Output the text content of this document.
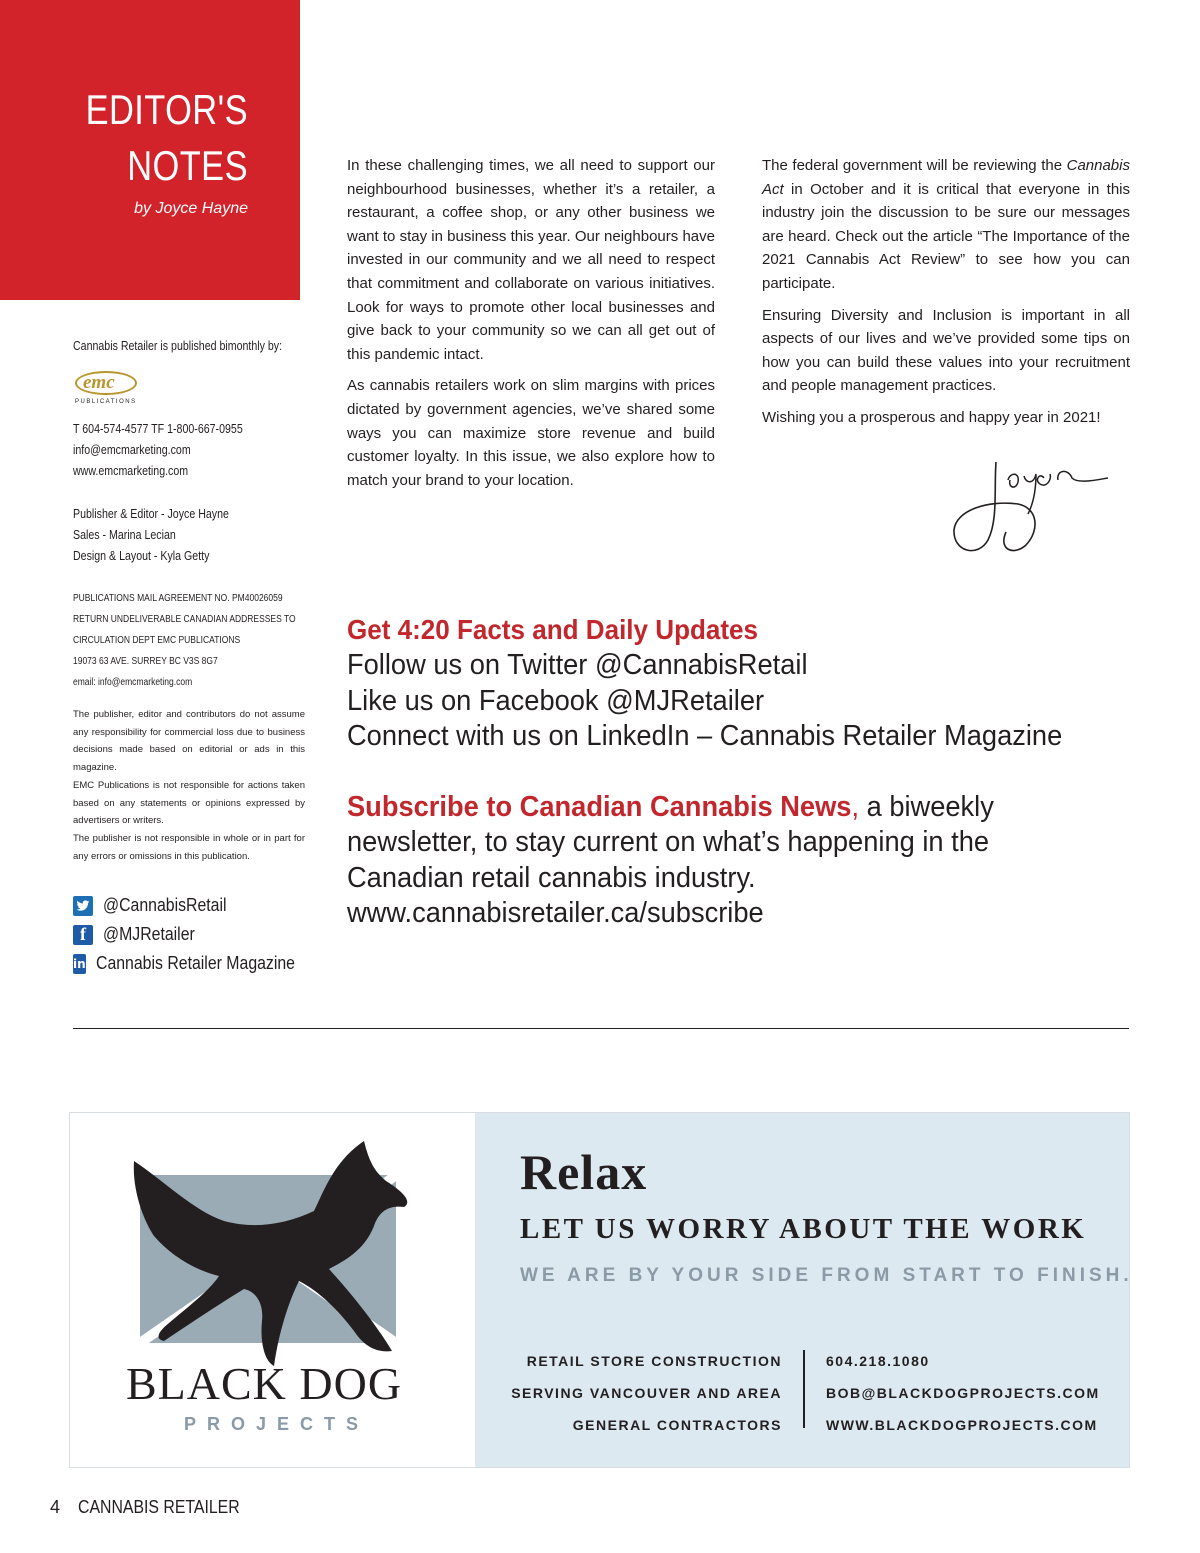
EDITOR'S
NOTES
by Joyce Hayne
Cannabis Retailer is published bimonthly by:
emc
PUBLICATIONS
T 604-574-4577 TF 1-800-667-0955
info@emcmarketing.com
www.emcmarketing.com
Publisher & Editor - Joyce Hayne
Sales - Marina Lecian
Design & Layout - Kyla Getty
PUBLICATIONS MAIL AGREEMENT NO. PM40026059
RETURN UNDELIVERABLE CANADIAN ADDRESSES TO
CIRCULATION DEPT EMC PUBLICATIONS
19073 63 AVE. SURREY BC V3S 8G7
email: info@emcmarketing.com
The publisher, editor and contributors do not assume any responsibility for commercial loss due to business decisions made based on editorial or ads in this magazine.
EMC Publications is not responsible for actions taken based on any statements or opinions expressed by advertisers or writers.
The publisher is not responsible in whole or in part for any errors or omissions in this publication.
@CannabisRetail
f @MJRetailer
in Cannabis Retailer Magazine

In these challenging times, we all need to support our neighbourhood businesses, whether it’s a retailer, a restaurant, a coffee shop, or any other business we want to stay in business this year. Our neighbours have invested in our community and we all need to respect that commitment and collaborate on various initiatives. Look for ways to promote other local businesses and give back to your community so we can all get out of this pandemic intact.

As cannabis retailers work on slim margins with prices dictated by government agencies, we’ve shared some ways you can maximize store revenue and build customer loyalty. In this issue, we also explore how to match your brand to your location.

The federal government will be reviewing the Cannabis Act in October and it is critical that everyone in this industry join the discussion to be sure our messages are heard. Check out the article “The Importance of the 2021 Cannabis Act Review” to see how you can participate.

Ensuring Diversity and Inclusion is important in all aspects of our lives and we’ve provided some tips on how you can build these values into your recruitment and people management practices.

Wishing you a prosperous and happy year in 2021!

Get 4:20 Facts and Daily Updates
Follow us on Twitter @CannabisRetail
Like us on Facebook @MJRetailer
Connect with us on LinkedIn – Cannabis Retailer Magazine
Subscribe to Canadian Cannabis News, a biweekly
newsletter, to stay current on what’s happening in the
Canadian retail cannabis industry.
www.cannabisretailer.ca/subscribe
BLACK DOG
PROJECTS
Relax
LET US WORRY ABOUT THE WORK
WE ARE BY YOUR SIDE FROM START TO FINISH.
RETAIL STORE CONSTRUCTION
SERVING VANCOUVER AND AREA
GENERAL CONTRACTORS
604.218.1080
BOB@BLACKDOGPROJECTS.COM
WWW.BLACKDOGPROJECTS.COM
4 CANNABIS RETAILER
